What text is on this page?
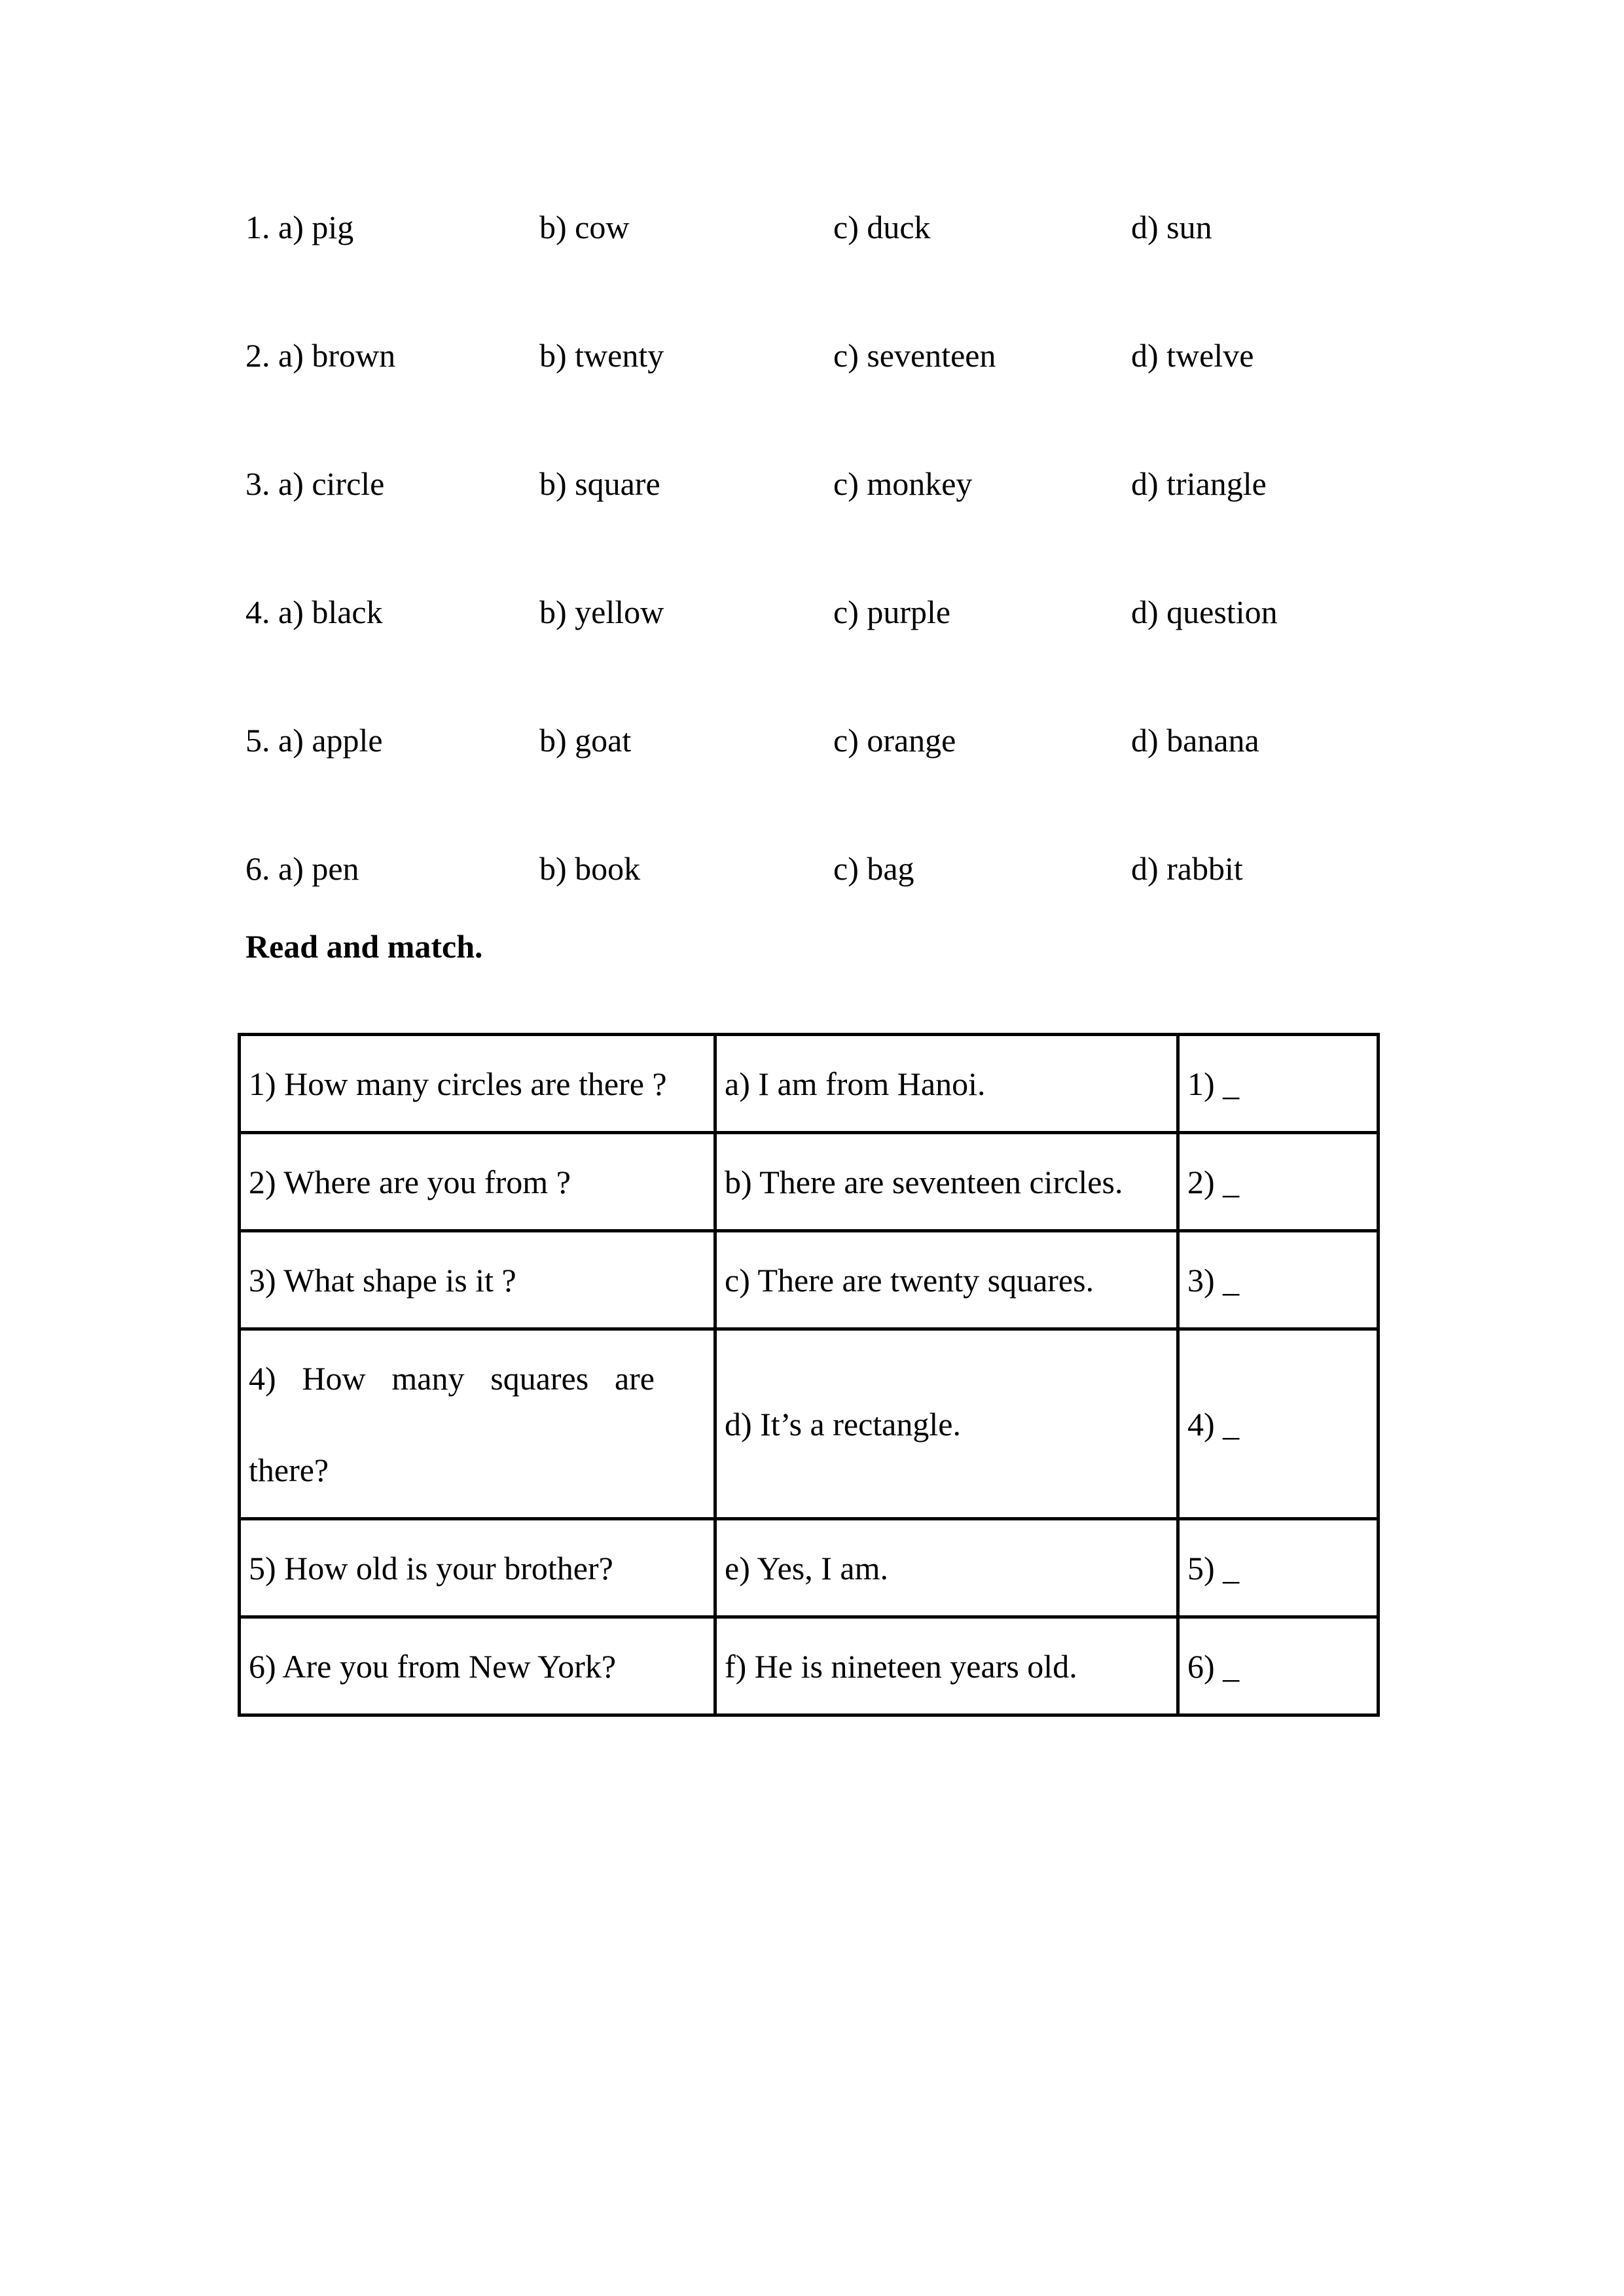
1. a) pig	b) cow	c) duck	d) sun
2. a) brown	b) twenty	c) seventeen	d) twelve
3. a) circle	b) square	c) monkey	d) triangle
4. a) black	b) yellow	c) purple	d) question
5. a) apple	b) goat	c) orange	d) banana
6. a) pen	b) book	c) bag	d) rabbit
Read and match.
1) How many circles are there ?	a) I am from Hanoi.	1) _
2) Where are you from ?	b) There are seventeen circles.	2) _
3) What shape is it ?	c) There are twenty squares.	3) _

4) How many squares are there?	d) It’s a rectangle.	4) _
5) How old is your brother?	e) Yes, I am.	5) _
6) Are you from New York?	f) He is nineteen years old.	6) _
